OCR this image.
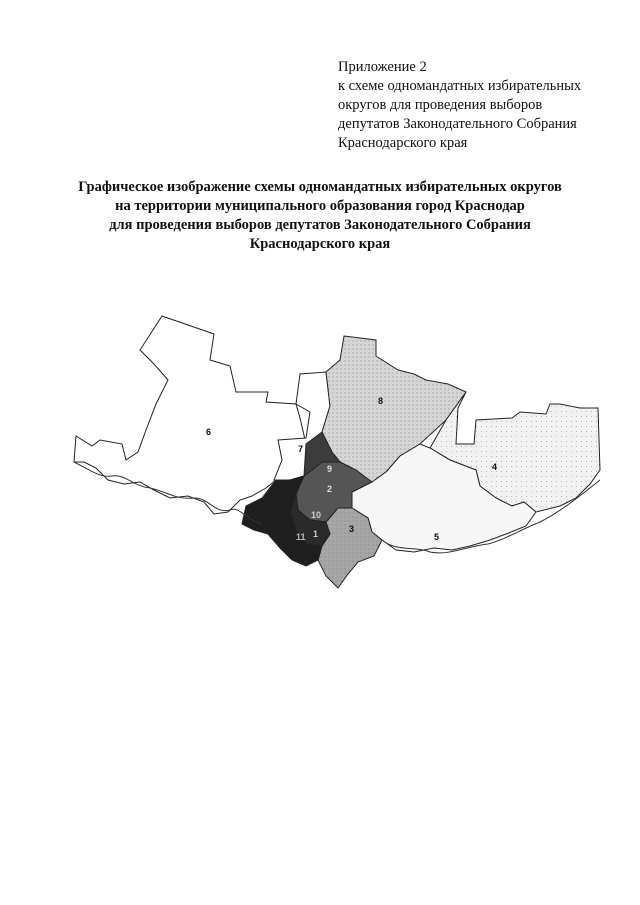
Приложение 2
к схеме одномандатных избирательных
округов для проведения выборов
депутатов Законодательного Собрания
Краснодарского края
Графическое изображение схемы одномандатных избирательных округов
на территории муниципального образования город Краснодар
для проведения выборов депутатов Законодательного Собрания
Краснодарского края
6
7
8
4
5
3
2
9
10
1
11
